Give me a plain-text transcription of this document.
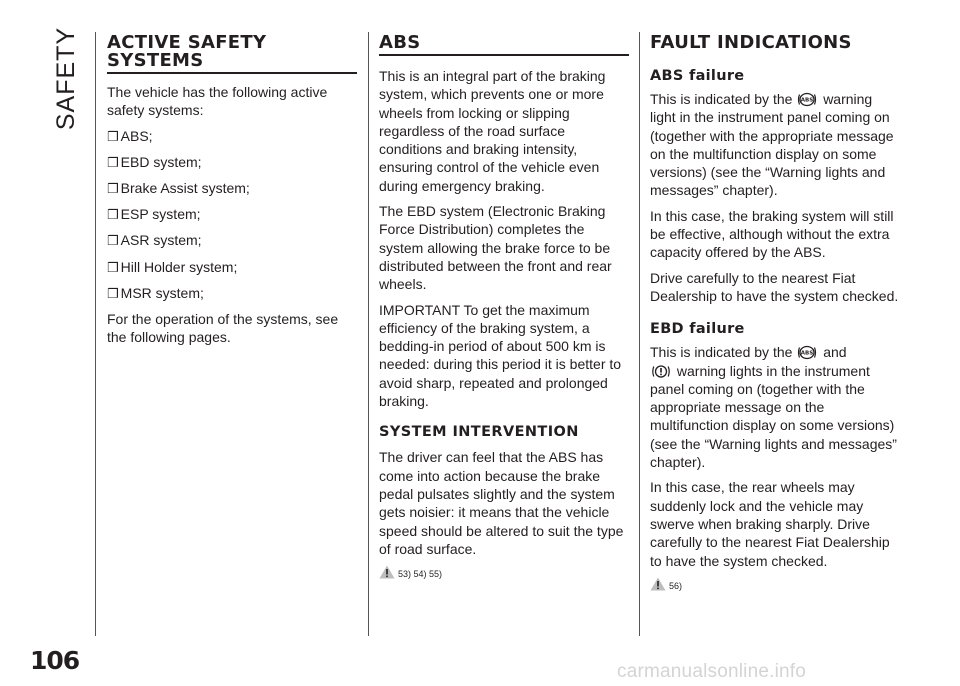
SAFETY ACTIVE SAFETY
SYSTEMS

The vehicle has the following active safety systems:

❒ ABS;
❒ EBD system;
❒ Brake Assist system;
❒ ESP system;
❒ ASR system;
❒ Hill Holder system;
❒ MSR system;

For the operation of the systems, see the following pages.

ABS

This is an integral part of the braking system, which prevents one or more wheels from locking or slipping regardless of the road surface conditions and braking intensity, ensuring control of the vehicle even during emergency braking.

The EBD system (Electronic Braking Force Distribution) completes the system allowing the brake force to be distributed between the front and rear wheels.

IMPORTANT To get the maximum efficiency of the braking system, a bedding-in period of about 500 km is needed: during this period it is better to avoid sharp, repeated and prolonged braking.

SYSTEM INTERVENTION

The driver can feel that the ABS has come into action because the brake pedal pulsates slightly and the system gets noisier: it means that the vehicle speed should be altered to suit the type of road surface.

53) 54) 55)
FAULT INDICATIONS
ABS failure

This is indicated by the ABS warning light in the instrument panel coming on (together with the appropriate message on the multifunction display on some versions) (see the “Warning lights and messages” chapter).

In this case, the braking system will still be effective, although without the extra capacity offered by the ABS.

Drive carefully to the nearest Fiat Dealership to have the system checked.

EBD failure

This is indicated by the ABS and
warning lights in the instrument panel coming on (together with the appropriate message on the multifunction display on some versions) (see the “Warning lights and messages” chapter).

In this case, the rear wheels may suddenly lock and the vehicle may swerve when braking sharply. Drive carefully to the nearest Fiat Dealership to have the system checked.

56)
106	carmanualsonline.info
